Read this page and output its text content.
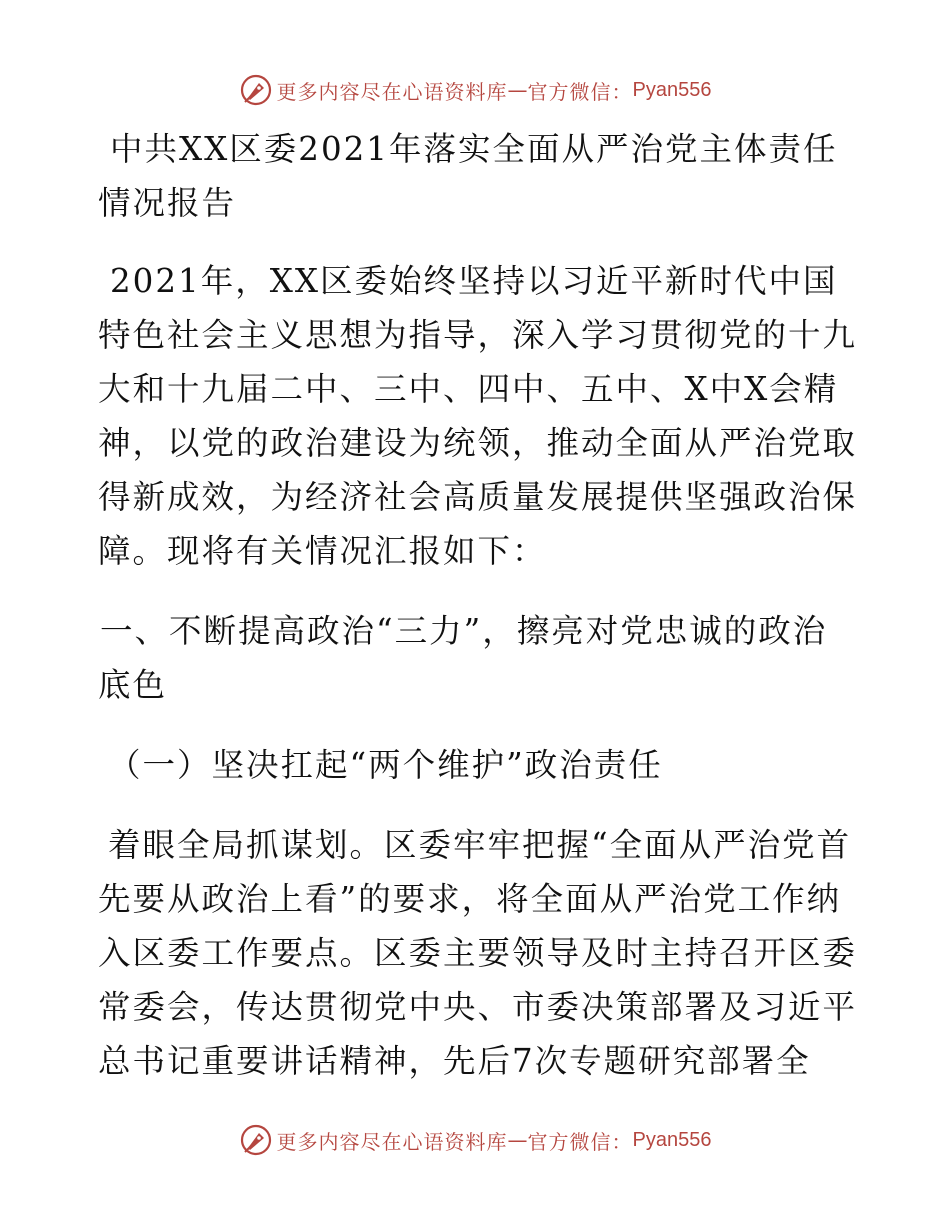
更多内容尽在心语资料库 — 官方微信： Pyan556

中共XX区委2021年落实全面从严治党主体责任情况报告

2021年，XX区委始终坚持以习近平新时代中国特色社会主义思想为指导，深入学习贯彻党的十九大和十九届二中、三中、四中、五中、X中X会精神，以党的政治建设为统领，推动全面从严治党取得新成效，为经济社会高质量发展提供坚强政治保障。现将有关情况汇报如下：

一、不断提高政治“三力”，擦亮对党忠诚的政治底色

（一）坚决扛起“两个维护”政治责任

着眼全局抓谋划。区委牢牢把握“全面从严治党首先要从政治上看”的要求，将全面从严治党工作纳入区委工作要点。区委主要领导及时主持召开区委常委会，传达贯彻党中央、市委决策部署及习近平总书记重要讲话精神，先后7次专题研究部署全

更多内容尽在心语资料库 — 官方微信： Pyan556
